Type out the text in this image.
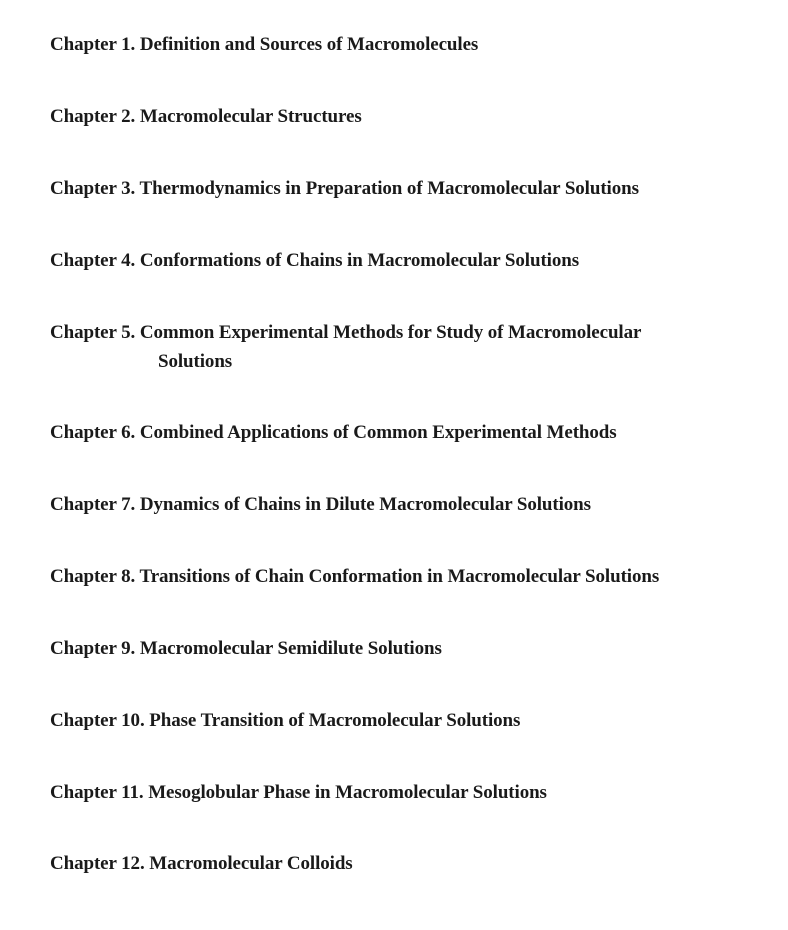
Chapter 1. Definition and Sources of Macromolecules
Chapter 2. Macromolecular Structures
Chapter 3. Thermodynamics in Preparation of Macromolecular Solutions
Chapter 4. Conformations of Chains in Macromolecular Solutions
Chapter 5. Common Experimental Methods for Study of Macromolecular
Solutions
Chapter 6. Combined Applications of Common Experimental Methods
Chapter 7. Dynamics of Chains in Dilute Macromolecular Solutions
Chapter 8. Transitions of Chain Conformation in Macromolecular Solutions
Chapter 9. Macromolecular Semidilute Solutions
Chapter 10. Phase Transition of Macromolecular Solutions
Chapter 11. Mesoglobular Phase in Macromolecular Solutions
Chapter 12. Macromolecular Colloids
